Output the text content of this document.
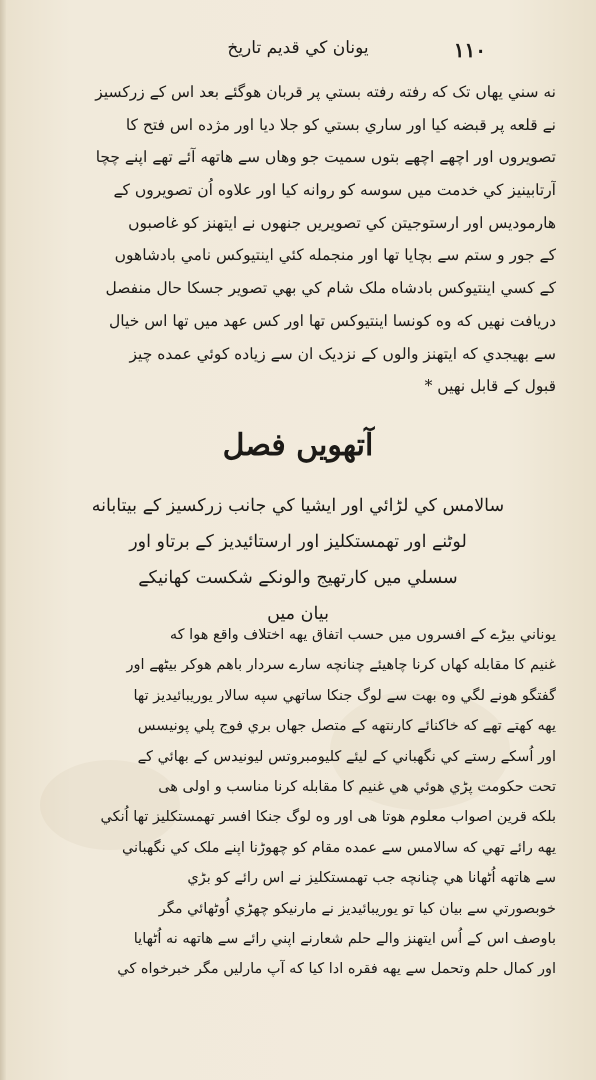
یونان کي قدیم تاریخ	۱۱۰
نه سني یهاں تک که رفته رفته بستي پر قربان هوگئے بعد اس کے زرکسیز
نے قلعه پر قبضه کیا اور ساري بستي کو جلا دیا اور مژده اس فتح کا
تصویروں اور اچهے اچهے بتوں سمیت جو وهاں سے هاتهه آئے تهے اپنے چچا
آرتابینیز کي خدمت میں سوسه کو روانه کیا اور علاوه اُن تصویروں کے
هارمودیس اور ارستوجیتن کي تصویریں جنهوں نے ایتهنز کو غاصبوں
کے جور و ستم سے بچایا تها اور منجمله کئي اینتیوکس نامي بادشاهوں
کے کسي اینتیوکس بادشاه ملک شام کي بهي تصویر جسکا حال منفصل
دریافت نهیں که وه کونسا اینتیوکس تها اور کس عهد میں تها اس خیال
سے بهیجدي که ایتهنز والوں کے نزدیک ان سے زیاده کوئي عمده چیز
قبول کے قابل نهیں *
آتهویں فصل
سالامس کي لڑائي اور ایشیا کي جانب زرکسیز کے بیتابانه
لوٹنے اور تهمستکلیز اور ارستائیدیز کے برتاو اور
سسلي میں کارتهیج والونکے شکست کهانیکے
بیان میں
یوناني بیڑے کے افسروں میں حسب اتفاق یهه اختلاف واقع هوا که
غنیم کا مقابله کهاں کرنا چاهیئے چنانچه سارے سردار باهم هوکر بیٹهے اور
گفتگو هونے لگي وه بهت سے لوگ جنکا ساتهي سپه سالار یوریبائیدیز تها
یهه کهتے تهے که خاکنائے کارنتهه کے متصل جهاں بري فوج پلي پونیسس
اور اُسکے رستے کي نگهباني کے لیئے کلیومبروتس لیونیدس کے بهائي کے
تحت حکومت پڑي هوئي هي غنیم کا مقابله کرنا مناسب و اولی هی
بلکه قرین اصواب معلوم هوتا هی اور وه لوگ جنکا افسر تهمستکلیز تها اُنکي
یهه رائے تهي که سالامس سے عمده مقام کو چهوڑنا اپنے ملک کي نگهباني
سے هاتهه اُٹهانا هي چنانچه جب تهمستکلیز نے اس رائے کو بڑي
خوبصورتي سے بیان کیا تو یوریبائیدیز نے مارنیکو چهڑي اُوٹهائي مگر
باوصف اس کے اُس ایتهنز والے حلم شعارنے اپني رائے سے هاتهه نه اُٹهایا
اور کمال حلم وتحمل سے یهه فقره ادا کیا که آپ مارلیں مگر خبرخواه کي
